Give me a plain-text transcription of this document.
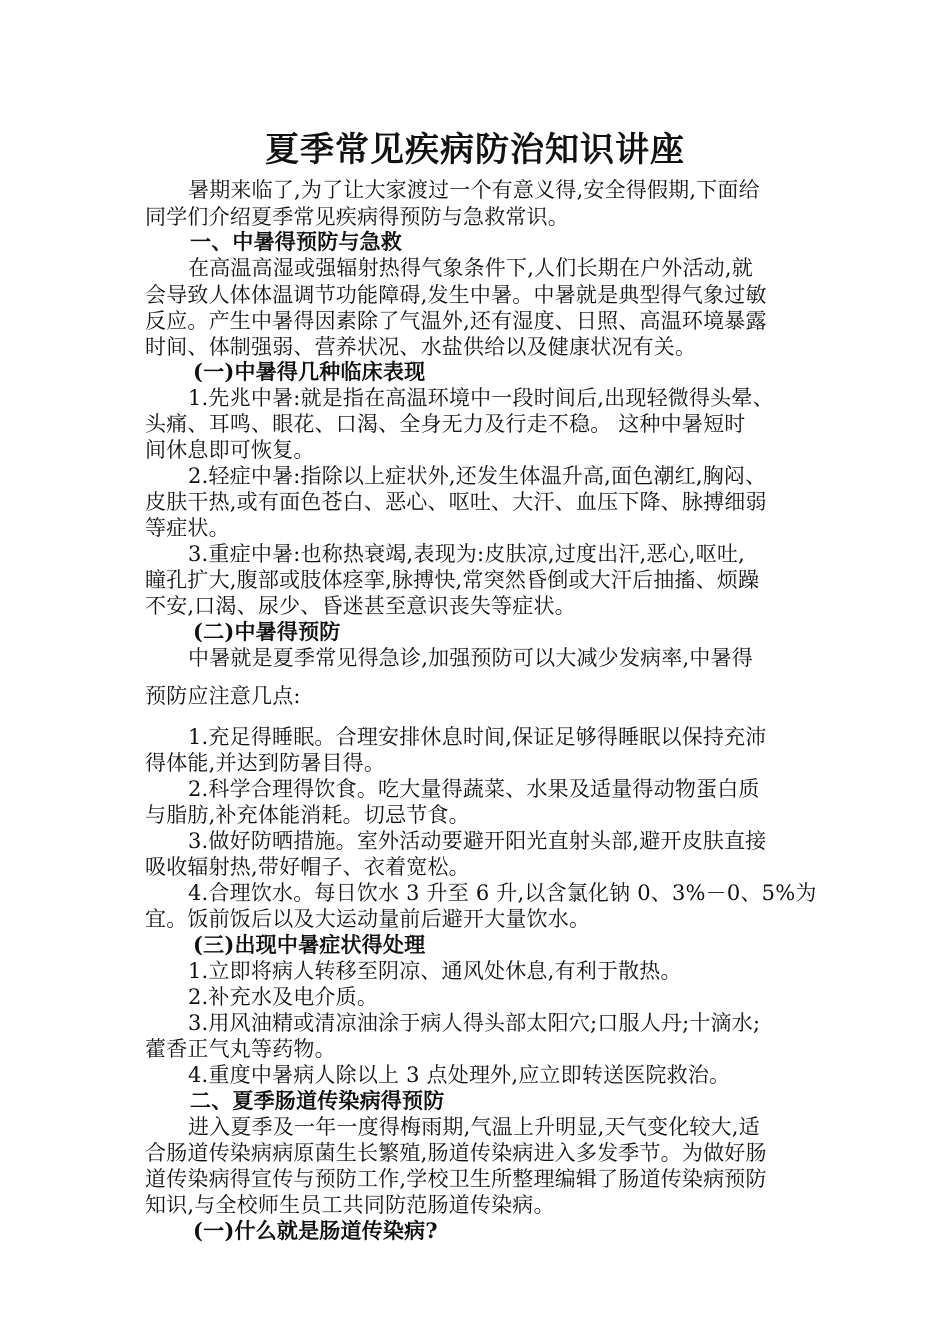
夏季常见疾病防治知识讲座
暑期来临了,为了让大家渡过一个有意义得,安全得假期,下面给
同学们介绍夏季常见疾病得预防与急救常识。
一、中暑得预防与急救
在高温高湿或强辐射热得气象条件下,人们长期在户外活动,就
会导致人体体温调节功能障碍,发生中暑。中暑就是典型得气象过敏
反应。产生中暑得因素除了气温外,还有湿度、日照、高温环境暴露
时间、体制强弱、营养状况、水盐供给以及健康状况有关。
(一)中暑得几种临床表现
1.先兆中暑:就是指在高温环境中一段时间后,出现轻微得头晕、
头痛、耳鸣、眼花、口渴、全身无力及行走不稳。 这种中暑短时
间休息即可恢复。
2.轻症中暑:指除以上症状外,还发生体温升高,面色潮红,胸闷、
皮肤干热,或有面色苍白、恶心、呕吐、大汗、血压下降、脉搏细弱
等症状。
3.重症中暑:也称热衰竭,表现为:皮肤凉,过度出汗,恶心,呕吐,
瞳孔扩大,腹部或肢体痉挛,脉搏快,常突然昏倒或大汗后抽搐、烦躁
不安,口渴、尿少、昏迷甚至意识丧失等症状。
(二)中暑得预防
中暑就是夏季常见得急诊,加强预防可以大减少发病率,中暑得
预防应注意几点:
1.充足得睡眠。合理安排休息时间,保证足够得睡眠以保持充沛
得体能,并达到防暑目得。
2.科学合理得饮食。吃大量得蔬菜、水果及适量得动物蛋白质
与脂肪,补充体能消耗。切忌节食。
3.做好防晒措施。室外活动要避开阳光直射头部,避开皮肤直接
吸收辐射热,带好帽子、衣着宽松。
4.合理饮水。每日饮水 3 升至 6 升,以含氯化钠 0、3%－0、5%为
宜。饭前饭后以及大运动量前后避开大量饮水。
(三)出现中暑症状得处理
1.立即将病人转移至阴凉、通风处休息,有利于散热。
2.补充水及电介质。
3.用风油精或清凉油涂于病人得头部太阳穴;口服人丹;十滴水;
藿香正气丸等药物。
4.重度中暑病人除以上 3 点处理外,应立即转送医院救治。
二、夏季肠道传染病得预防
进入夏季及一年一度得梅雨期,气温上升明显,天气变化较大,适
合肠道传染病病原菌生长繁殖,肠道传染病进入多发季节。为做好肠
道传染病得宣传与预防工作,学校卫生所整理编辑了肠道传染病预防
知识,与全校师生员工共同防范肠道传染病。
(一)什么就是肠道传染病?
